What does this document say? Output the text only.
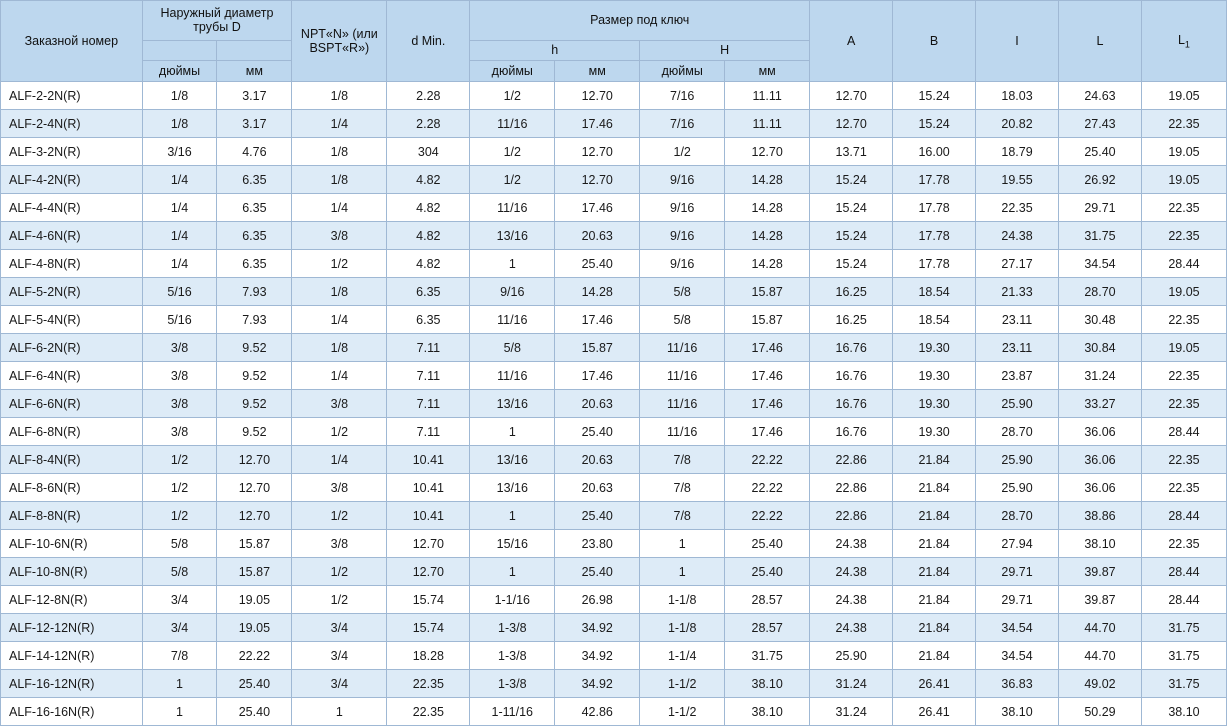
Заказной номер	Наружный диаметр трубы D		NPT«N» (или BSPT«R»)	d Min.	Размер под ключ				A	B	I	L	$L_1$
					h		H						
	дюймы	мм			дюймы	мм	дюймы	мм					
ALF-2-2N(R)	1/8	3.17	1/8	2.28	1/2	12.70	7/16	11.11	12.70	15.24	18.03	24.63	19.05
ALF-2-4N(R)	1/8	3.17	1/4	2.28	11/16	17.46	7/16	11.11	12.70	15.24	20.82	27.43	22.35
ALF-3-2N(R)	3/16	4.76	1/8	304	1/2	12.70	1/2	12.70	13.71	16.00	18.79	25.40	19.05
ALF-4-2N(R)	1/4	6.35	1/8	4.82	1/2	12.70	9/16	14.28	15.24	17.78	19.55	26.92	19.05
ALF-4-4N(R)	1/4	6.35	1/4	4.82	11/16	17.46	9/16	14.28	15.24	17.78	22.35	29.71	22.35
ALF-4-6N(R)	1/4	6.35	3/8	4.82	13/16	20.63	9/16	14.28	15.24	17.78	24.38	31.75	22.35
ALF-4-8N(R)	1/4	6.35	1/2	4.82	1	25.40	9/16	14.28	15.24	17.78	27.17	34.54	28.44
ALF-5-2N(R)	5/16	7.93	1/8	6.35	9/16	14.28	5/8	15.87	16.25	18.54	21.33	28.70	19.05
ALF-5-4N(R)	5/16	7.93	1/4	6.35	11/16	17.46	5/8	15.87	16.25	18.54	23.11	30.48	22.35
ALF-6-2N(R)	3/8	9.52	1/8	7.11	5/8	15.87	11/16	17.46	16.76	19.30	23.11	30.84	19.05
ALF-6-4N(R)	3/8	9.52	1/4	7.11	11/16	17.46	11/16	17.46	16.76	19.30	23.87	31.24	22.35
ALF-6-6N(R)	3/8	9.52	3/8	7.11	13/16	20.63	11/16	17.46	16.76	19.30	25.90	33.27	22.35
ALF-6-8N(R)	3/8	9.52	1/2	7.11	1	25.40	11/16	17.46	16.76	19.30	28.70	36.06	28.44
ALF-8-4N(R)	1/2	12.70	1/4	10.41	13/16	20.63	7/8	22.22	22.86	21.84	25.90	36.06	22.35
ALF-8-6N(R)	1/2	12.70	3/8	10.41	13/16	20.63	7/8	22.22	22.86	21.84	25.90	36.06	22.35
ALF-8-8N(R)	1/2	12.70	1/2	10.41	1	25.40	7/8	22.22	22.86	21.84	28.70	38.86	28.44
ALF-10-6N(R)	5/8	15.87	3/8	12.70	15/16	23.80	1	25.40	24.38	21.84	27.94	38.10	22.35
ALF-10-8N(R)	5/8	15.87	1/2	12.70	1	25.40	1	25.40	24.38	21.84	29.71	39.87	28.44
ALF-12-8N(R)	3/4	19.05	1/2	15.74	1-1/16	26.98	1-1/8	28.57	24.38	21.84	29.71	39.87	28.44
ALF-12-12N(R)	3/4	19.05	3/4	15.74	1-3/8	34.92	1-1/8	28.57	24.38	21.84	34.54	44.70	31.75
ALF-14-12N(R)	7/8	22.22	3/4	18.28	1-3/8	34.92	1-1/4	31.75	25.90	21.84	34.54	44.70	31.75
ALF-16-12N(R)	1	25.40	3/4	22.35	1-3/8	34.92	1-1/2	38.10	31.24	26.41	36.83	49.02	31.75
ALF-16-16N(R)	1	25.40	1	22.35	1-11/16	42.86	1-1/2	38.10	31.24	26.41	38.10	50.29	38.10
